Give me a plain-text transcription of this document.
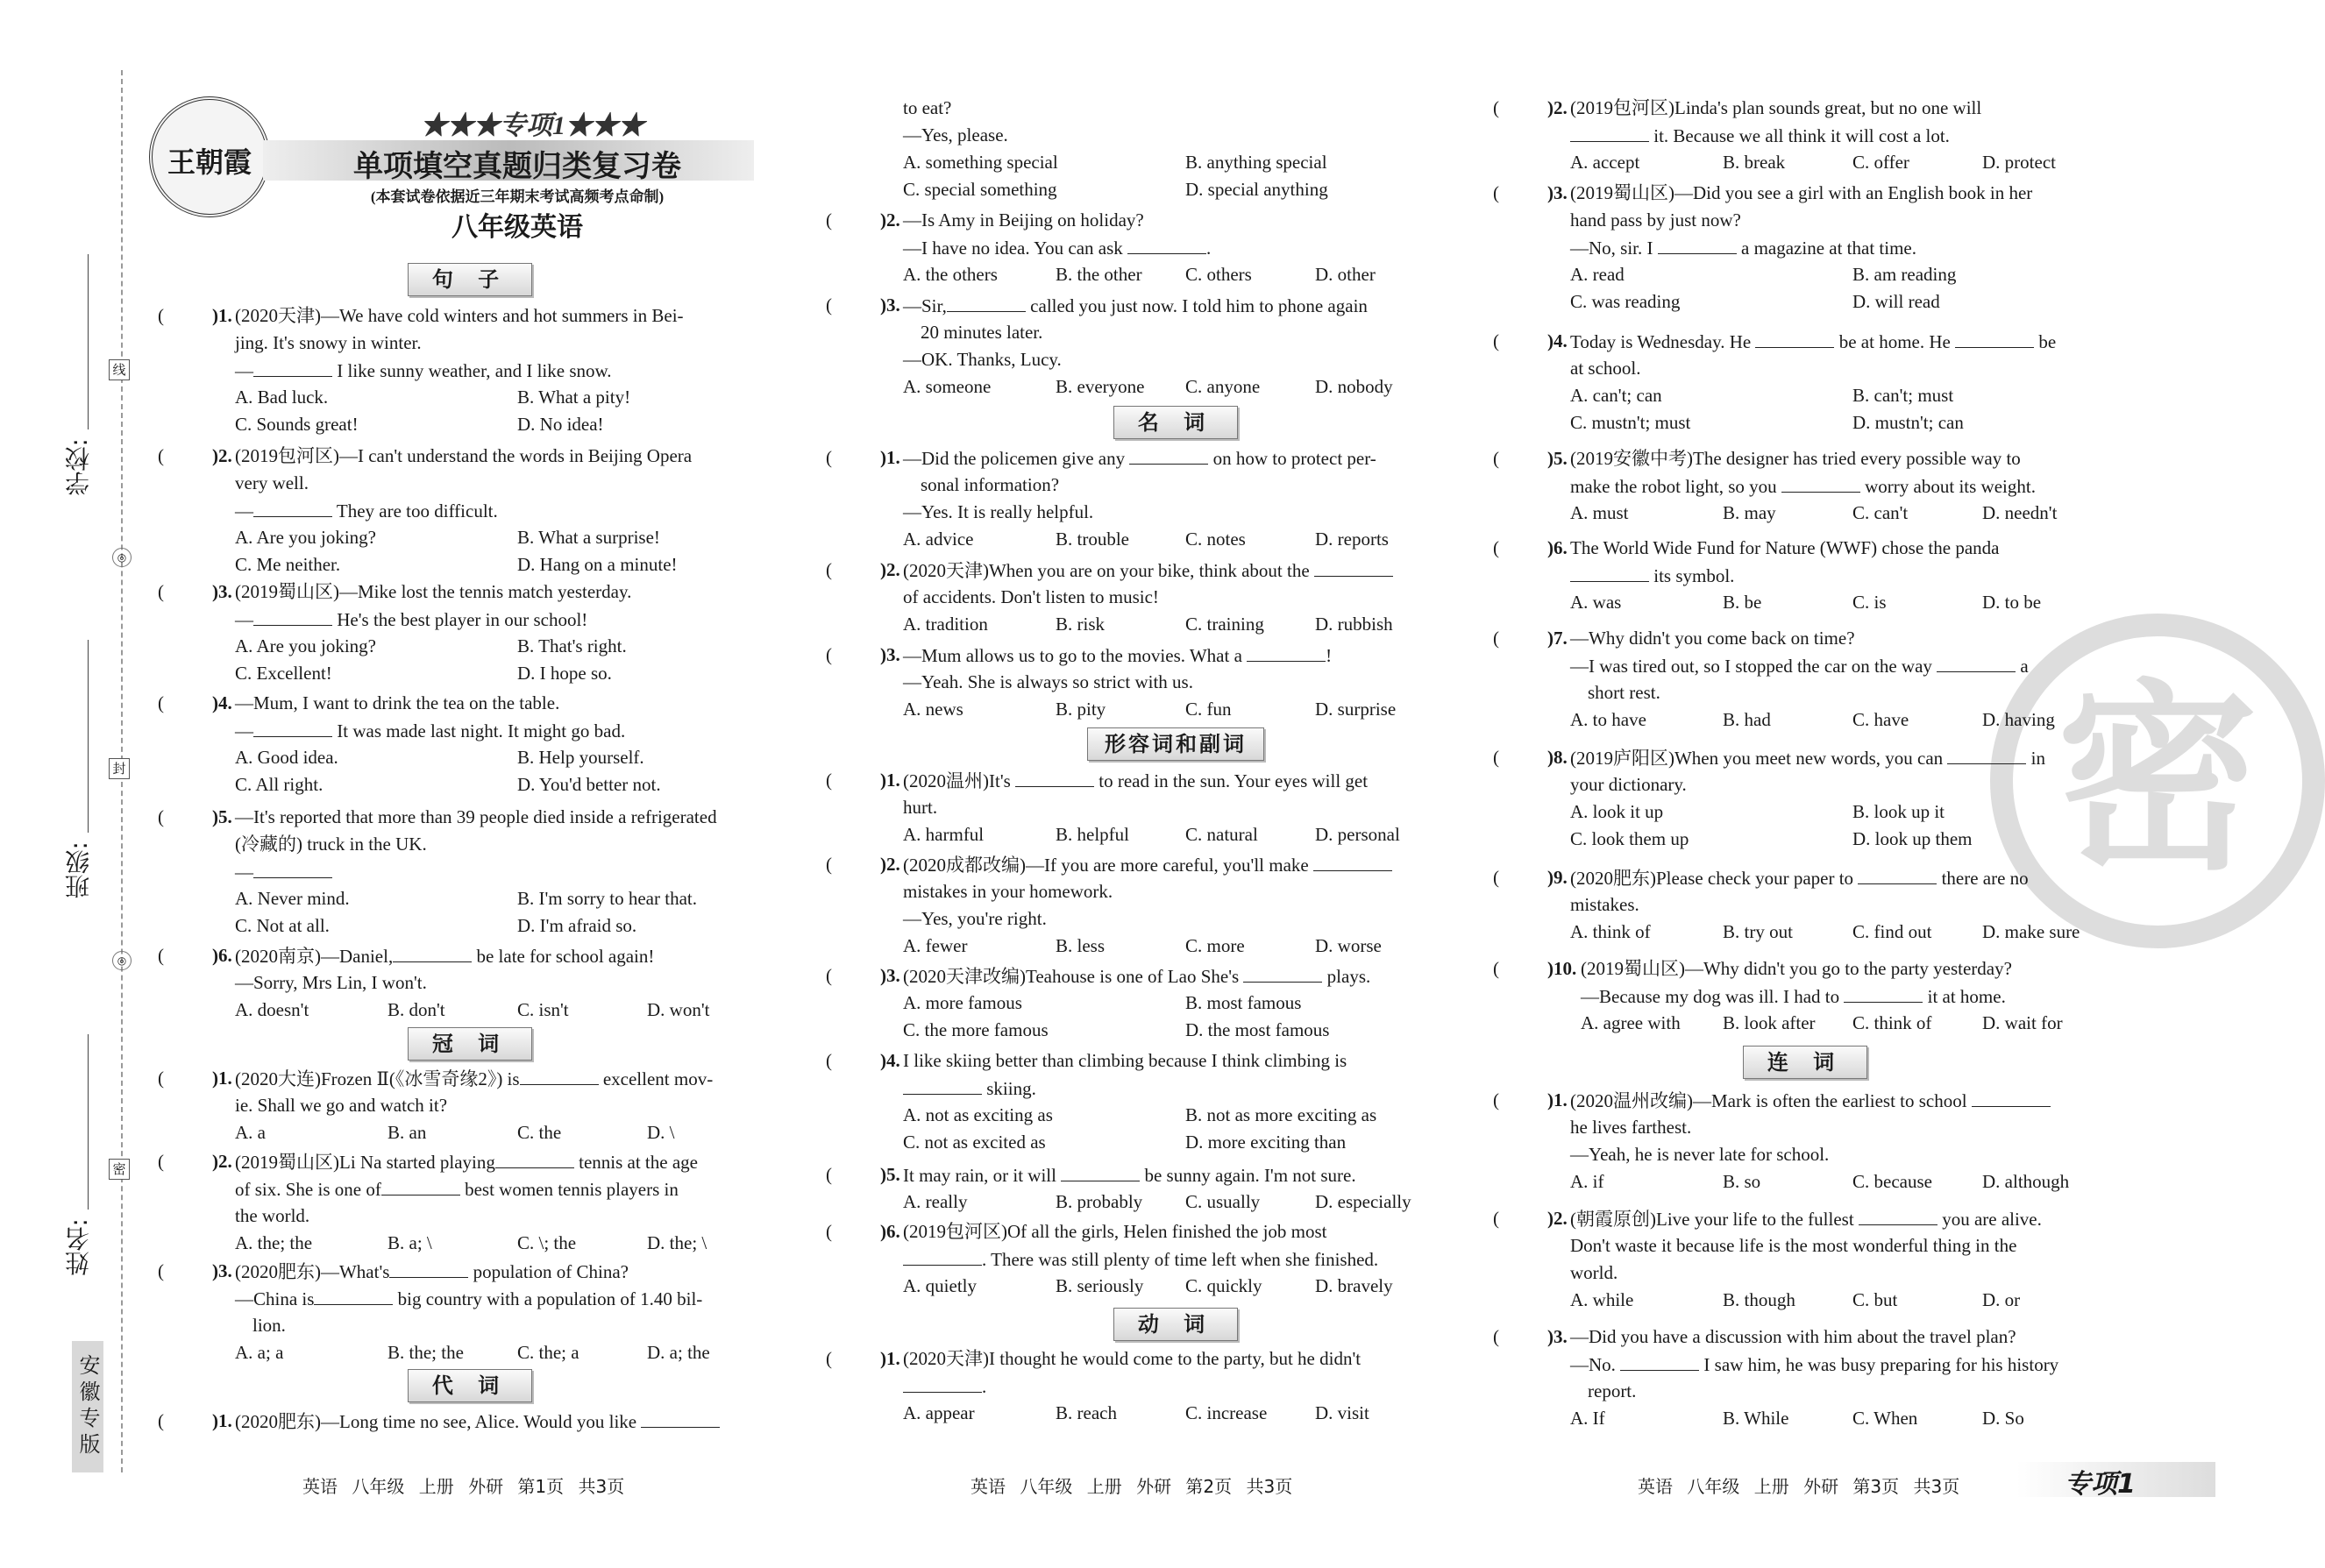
学校:
班级:
姓名:
线
封
密
◎
◎
安徽专版
王朝霞
★★★专项1★★★
单项填空真题归类复习卷
(本套试卷依据近三年期末考试高频考点命制)
八年级英语
密
句 子
(	)1. (2020天津)—We have cold winters and hot summers in Bei-
jing. It's snowy in winter.
—	I like sunny weather, and I like snow.
A. Bad luck.	B. What a pity!
C. Sounds great!	D. No idea!
(	)2. (2019包河区)—I can't understand the words in Beijing Opera
very well.
—	They are too difficult.
A. Are you joking?	B. What a surprise!
C. Me neither.	D. Hang on a minute!
(	)3. (2019蜀山区)—Mike lost the tennis match yesterday.
—	He's the best player in our school!
A. Are you joking?	B. That's right.
C. Excellent!	D. I hope so.
(	)4. —Mum, I want to drink the tea on the table.
—	It was made last night. It might go bad.
A. Good idea.	B. Help yourself.
C. All right.	D. You'd better not.
(	)5. —It's reported that more than 39 people died inside a refrigerated
(冷藏的) truck in the UK.
—
A. Never mind.	B. I'm sorry to hear that.
C. Not at all.	D. I'm afraid so.
(	)6. (2020南京)—Daniel,	be late for school again!
—Sorry, Mrs Lin, I won't.
A. doesn't	B. don't	C. isn't	D. won't
冠 词
(	)1. (2020大连)Frozen Ⅱ(《冰雪奇缘2》) is	excellent mov-
ie. Shall we go and watch it?
A. a	B. an	C. the	D. \
(	)2. (2019蜀山区)Li Na started playing	tennis at the age
of six. She is one of	best women tennis players in
the world.
A. the; the	B. a; \	C. \; the	D. the; \
(	)3. (2020肥东)—What's	population of China?
—China is	big country with a population of 1.40 bil-
lion.
A. a; a	B. the; the	C. the; a	D. a; the
代 词
(	)1. (2020肥东)—Long time no see, Alice. Would you like
英语 八年级 上册 外研 第1页 共3页
to eat?
—Yes, please.
A. something special	B. anything special
C. special something	D. special anything
(	)2. —Is Amy in Beijing on holiday?
—I have no idea. You can ask	.
A. the others	B. the other C. others	D. other
(	)3. —Sir,	called you just now. I told him to phone again
20 minutes later.
—OK. Thanks, Lucy.
A. someone	B. everyone C. anyone	D. nobody
名 词
(	)1. —Did the policemen give any	on how to protect per-
sonal information?
—Yes. It is really helpful.
A. advice	B. trouble	C. notes	D. reports
(	)2. (2020天津)When you are on your bike, think about the
of accidents. Don't listen to music!
A. tradition	B. risk	C. training	D. rubbish
(	)3. —Mum allows us to go to the movies. What a	!
—Yeah. She is always so strict with us.
A. news	B. pity	C. fun	D. surprise
形容词和副词
(	)1. (2020温州)It's	to read in the sun. Your eyes will get
hurt.
A. harmful	B. helpful	C. natural	D. personal
(	)2. (2020成都改编)—If you are more careful, you'll make
mistakes in your homework.
—Yes, you're right.
A. fewer	B. less	C. more	D. worse
(	)3. (2020天津改编)Teahouse is one of Lao She's	plays.
A. more famous	B. most famous
C. the more famous	D. the most famous
(	)4. I like skiing better than climbing because I think climbing is
skiing.
A. not as exciting as	B. not as more exciting as
C. not as excited as	D. more exciting than
(	)5. It may rain, or it will	be sunny again. I'm not sure.
A. really	B. probably C. usually	D. especially
(	)6. (2019包河区)Of all the girls, Helen finished the job most
. There was still plenty of time left when she finished.
A. quietly	B. seriously C. quickly	D. bravely
动 词
(	)1. (2020天津)I thought he would come to the party, but he didn't
.
A. appear	B. reach	C. increase	D. visit
英语 八年级 上册 外研 第2页 共3页
(	)2. (2019包河区)Linda's plan sounds great, but no one will
it. Because we all think it will cost a lot.
A. accept	B. break	C. offer	D. protect
(	)3. (2019蜀山区)—Did you see a girl with an English book in her
hand pass by just now?
—No, sir. I	a magazine at that time.
A. read	B. am reading
C. was reading	D. will read
(	)4. Today is Wednesday. He	be at home. He	be
at school.
A. can't; can	B. can't; must
C. mustn't; must	D. mustn't; can
(	)5. (2019安徽中考)The designer has tried every possible way to
make the robot light, so you	worry about its weight.
A. must	B. may	C. can't	D. needn't
(	)6. The World Wide Fund for Nature (WWF) chose the panda
its symbol.
A. was	B. be	C. is	D. to be
(	)7. —Why didn't you come back on time?
—I was tired out, so I stopped the car on the way	a
short rest.
A. to have	B. had	C. have	D. having
(	)8. (2019庐阳区)When you meet new words, you can	in
your dictionary.
A. look it up	B. look up it
C. look them up	D. look up them
(	)9. (2020肥东)Please check your paper to	there are no
mistakes.
A. think of	B. try out	C. find out	D. make sure
(	)10. (2019蜀山区)—Why didn't you go to the party yesterday?
—Because my dog was ill. I had to	it at home.
A. agree with B. look after C. think of	D. wait for
连 词
(	)1. (2020温州改编)—Mark is often the earliest to school
he lives farthest.
—Yeah, he is never late for school.
A. if	B. so	C. because	D. although
(	)2. (朝霞原创)Live your life to the fullest	you are alive.
Don't waste it because life is the most wonderful thing in the
world.
A. while	B. though	C. but	D. or
(	)3. —Did you have a discussion with him about the travel plan?
—No.	I saw him, he was busy preparing for his history
report.
A. If	B. While	C. When	D. So
英语 八年级 上册 外研 第3页 共3页	专项1
